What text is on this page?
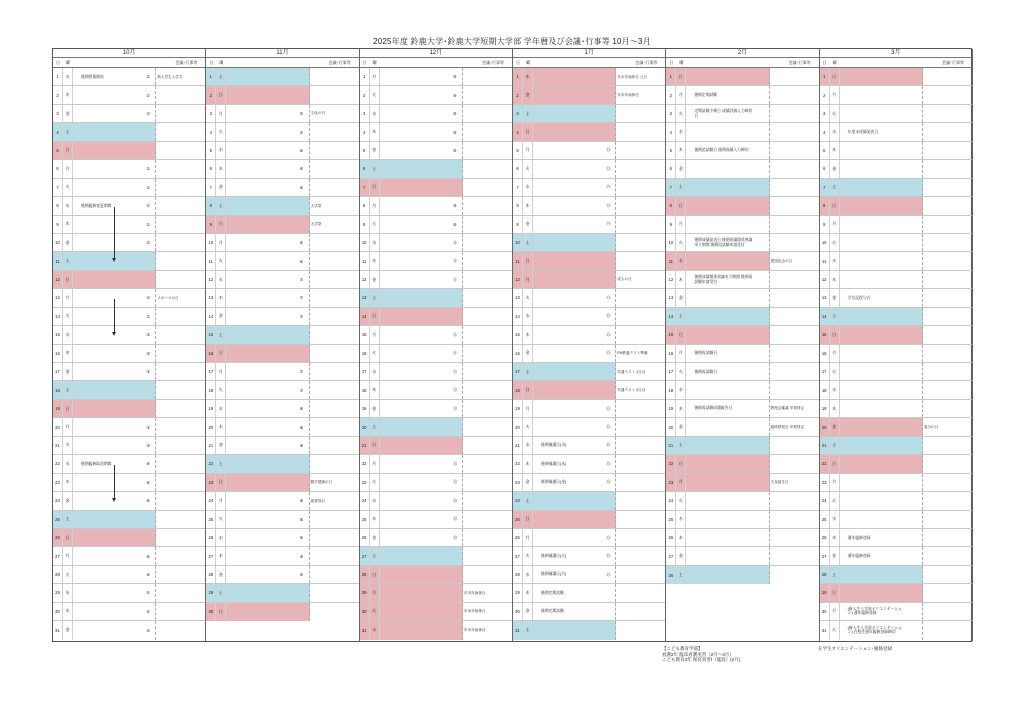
2025年度 鈴鹿大学･鈴鹿大学短期大学部 学年暦及び会議･行事等 10月～3月
10月
日 曜	会議･行事等
1	水	後期授業開始	①	秋入学生入学式
2	木	①
3	金	①
4	土
5	日
6	月	①
7	火	①
8	水	後期履修変更期間	②
9	木	②
10	金	②
11	土
12	日
13	月	②	スポーツの日
14	火	②
15	水	③
16	木	③
17	金	③
18	土
19	日
20	月	③
21	火	③
22	水	後期履修取消期間	④
23	木	④
24	金	④
25	土
26	日
27	月	④
28	火	④
29	水	⑤
30	木	⑤
31	金	⑤
11月
日 曜	会議･行事等
1	土
2	日
3	月	⑤	文化の日
4	火	⑤
5	水	⑥
6	木	⑥
7	金	⑥
8	土	大学祭
9	日	大学祭
10	月	⑥
11	火	⑥
12	水	⑦
13	木	⑦
14	金	⑦
15	土
16	日
17	月	⑦
18	火	⑦
19	水	⑧
20	木	⑧
21	金	⑧
22	土
23	日	勤労感謝の日
24	月	⑧	振替休日
25	火	⑧
26	水	⑨
27	木	⑨
28	金	⑨
29	土
30	日
12月
日 曜	会議･行事等
1	月	⑨
2	火	⑨
3	水	⑩
4	木	⑩
5	金	⑩
6	土
7	日
8	月	⑩
9	火	⑩
10	水	⑪
11	木	⑪
12	金	⑪
13	土
14	日
15	月	⑪
16	火	⑪
17	水	⑫
18	木	⑫
19	金	⑫
20	土
21	日
22	月	⑫
23	火	⑫
24	水	⑬
25	木	⑬
26	金	⑬
27	土
28	日
29	月	年末年始休日
30	火	年末年始休日
31	水	年末年始休日
1月
日 曜	会議･行事等
1	木	年末年始休日 元日
2	金	年末年始休日
3	土
4	日
5	月	⑬
6	火	⑬
7	水	⑭
8	木	⑭
9	金	⑭
10	土
11	日
12	月	成人の日
13	火	⑭
14	水	⑮
15	木	⑮
16	金	⑮	FM教養テスト準備
17	土	共通テスト 1日目
18	日	共通テスト 2日目
19	月	⑮
20	火	⑮
21	水	後期補講日(水)	⑮
22	木	後期補講日(木)	⑮
23	金	後期補講日(金)	⑮
24	土
25	日
26	月	⑮
27	火	後期補講日(火)	⑮
28	水	後期補講日(月)	⑮
29	木	後期定期試験
30	金	後期定期試験
31	土
2月
日 曜	会議･行事等
1	日
2	月	後期定期試験
3	火	定期試験予備日 成績評価入力締切日
4	水
5	木	後期追試験日 後期成績入力締切
6	金
7	土
8	日
9	月
10	火	後期成績発表日 後期成績関係異議申立期間 後期再試験申請受付
11	水	建国記念の日
12	木	後期成績関係異議申立期間 後期再試験申請受付
13	金
14	土
15	日
16	月	後期再試験日
17	火	後期再試験日
18	水
19	木	後期再試験成績報告日	教授会審議 卒業判定
20	金	臨時教授会 卒業判定
21	土
22	日
23	月	天皇誕生日
24	火
25	水
26	木
27	金
28	土
3月
日 曜	会議･行事等
1	日
2	月
3	火
4	水	年度末成績発表日
5	木
6	金
7	土
8	日
9	月
10	火
11	水
12	木
13	金	学位記授与式
14	土
15	日
16	月
17	火
18	水
19	木
20	金	春分の日
21	土
22	日
23	月
24	火
25	水
26	木	通年履修登録
27	金	通年履修登録
28	土
29	日
30	月	(新入生入学前オリエンテーション) 通年履修登録
31	火	(新入生入学前オリエンテーション) 在校生通年履修登録締切
【こども教育学部】
看護2年 臨床看護実習（2月～3月）
こども教育3年 保育実習Ⅰ（施設）(2月)
在学生オリエンテーション･履修登録
